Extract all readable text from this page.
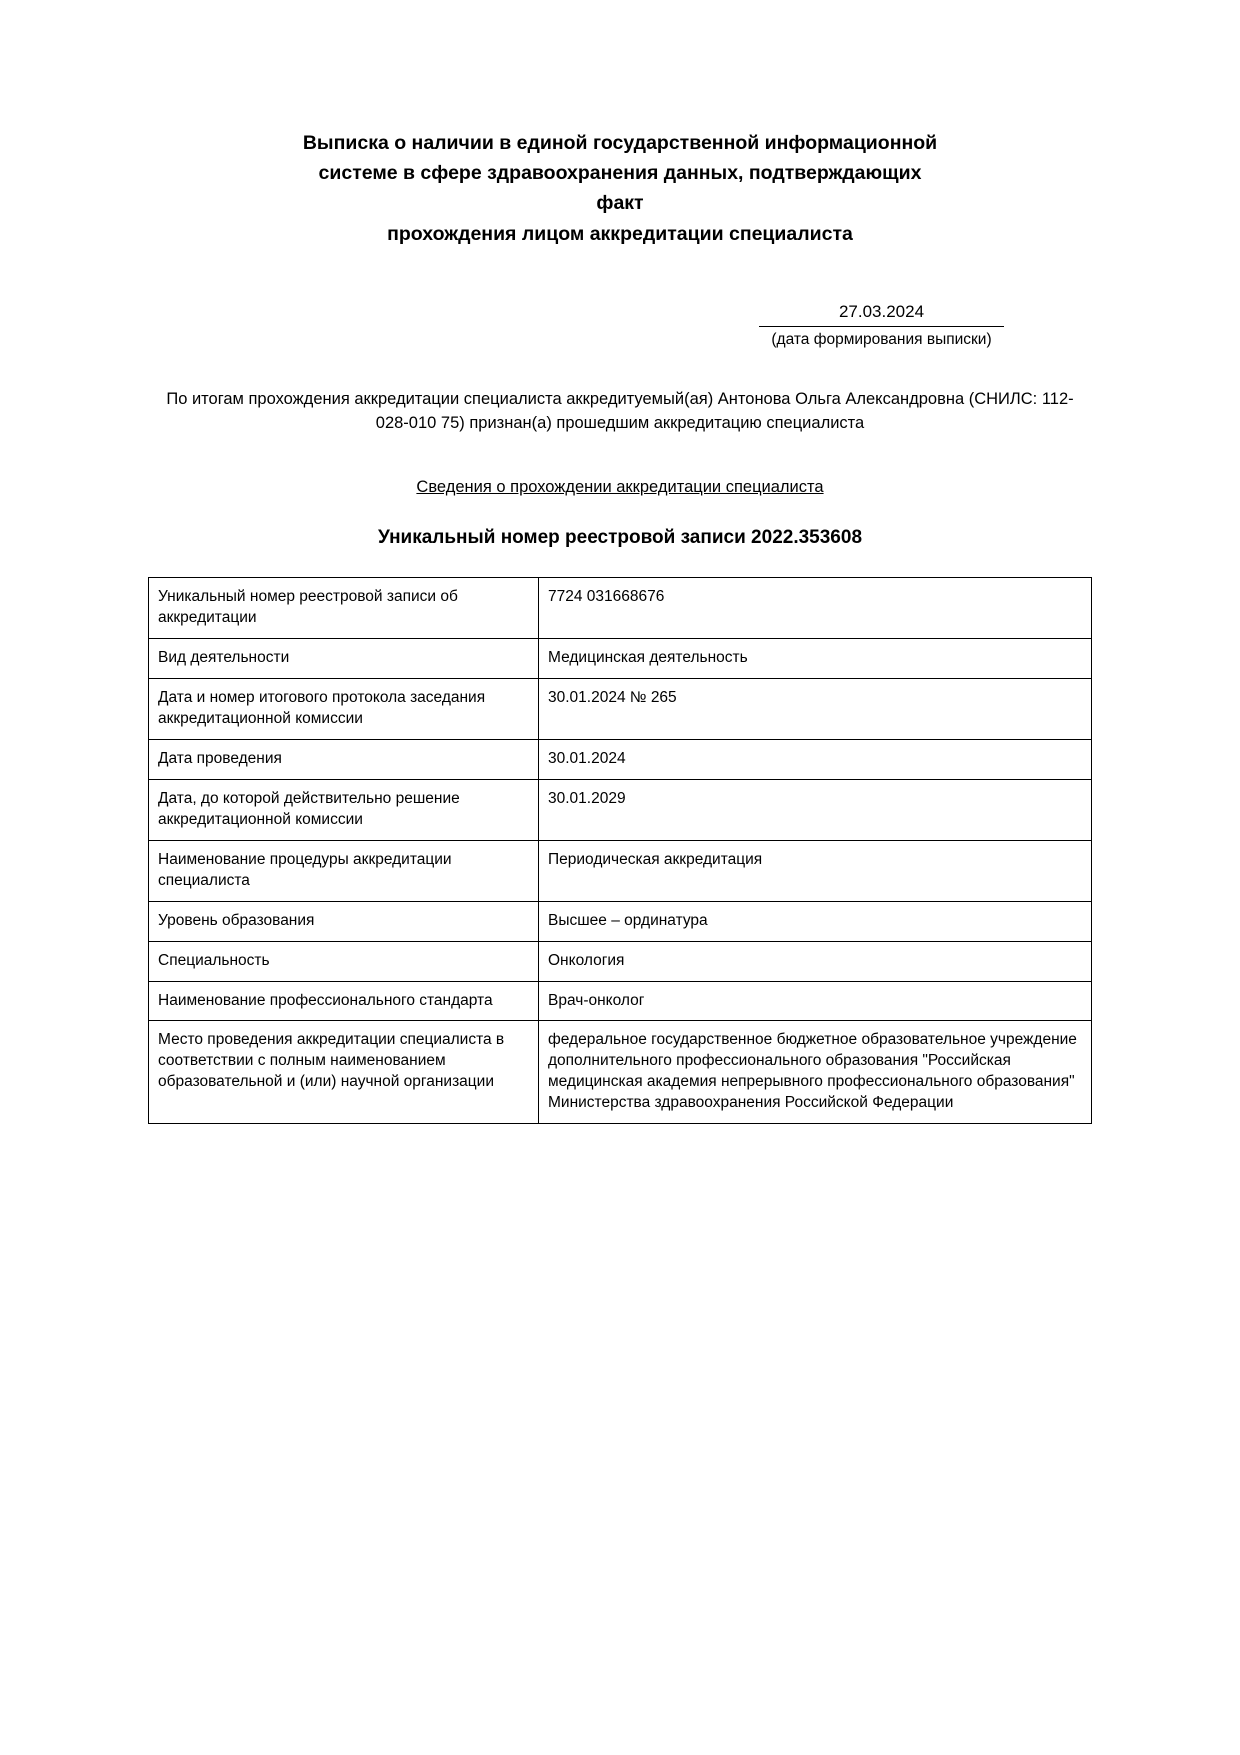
Выписка о наличии в единой государственной информационной
системе в сфере здравоохранения данных, подтверждающих факт
прохождения лицом аккредитации специалиста
27.03.2024
(дата формирования выписки)
По итогам прохождения аккредитации специалиста аккредитуемый(ая) Антонова Ольга Александровна (СНИЛС: 112-028-010 75) признан(а) прошедшим аккредитацию специалиста
Сведения о прохождении аккредитации специалиста
Уникальный номер реестровой записи 2022.353608
Уникальный номер реестровой записи об аккредитации	7724 031668676
Вид деятельности	Медицинская деятельность
Дата и номер итогового протокола заседания аккредитационной комиссии	30.01.2024 № 265
Дата проведения	30.01.2024
Дата, до которой действительно решение аккредитационной комиссии	30.01.2029
Наименование процедуры аккредитации специалиста	Периодическая аккредитация
Уровень образования	Высшее – ординатура
Специальность	Онкология
Наименование профессионального стандарта	Врач-онколог
Место проведения аккредитации специалиста в соответствии с полным наименованием образовательной и (или) научной организации	федеральное государственное бюджетное образовательное учреждение дополнительного профессионального образования "Российская медицинская академия непрерывного профессионального образования" Министерства здравоохранения Российской Федерации
